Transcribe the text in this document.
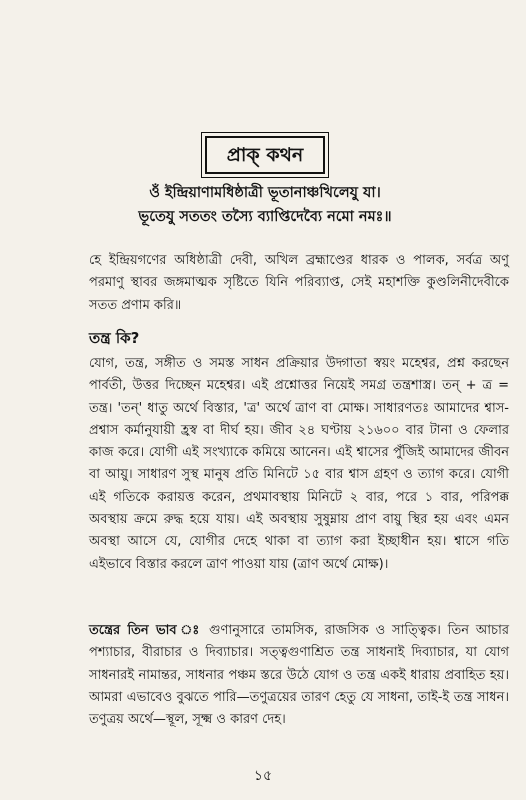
প্রাক্ কথন
ওঁ ইন্দ্রিয়াণামধিষ্ঠাত্রী ভূতানাঞ্চখিলেযু যা।
ভূতেযু সততং তস্যৈ ব্যাপ্তিদেব্যৈ নমো নমঃ॥
হে ইন্দ্রিয়গণের অধিষ্ঠাত্রী দেবী, অখিল ব্রহ্মাণ্ডের ধারক ও পালক, সর্বত্র অণু পরমাণু স্থাবর জঙ্গমাত্মক সৃষ্টিতে যিনি পরিব্যাপ্ত, সেই মহাশক্তি কুণ্ডলিনীদেবীকে সতত প্রণাম করি॥
তন্ত্র কি?
যোগ, তন্ত্র, সঙ্গীত ও সমস্ত সাধন প্রক্রিয়ার উদ্গাতা স্বয়ং মহেশ্বর, প্রশ্ন করছেন পার্বতী, উত্তর দিচ্ছেন মহেশ্বর। এই প্রশ্নোত্তর নিয়েই সমগ্র তন্ত্রশাস্ত্র। তন্ + ত্র = তন্ত্র। 'তন্' ধাতু অর্থে বিস্তার, 'ত্র' অর্থে ত্রাণ বা মোক্ষ। সাধারণতঃ আমাদের শ্বাস-প্রশ্বাস কর্মানুযায়ী হ্রস্ব বা দীর্ঘ হয়। জীব ২৪ ঘণ্টায় ২১৬০০ বার টানা ও ফেলার কাজ করে। যোগী এই সংখ্যাকে কমিয়ে আনেন। এই শ্বাসের পুঁজিই আমাদের জীবন বা আয়ু। সাধারণ সুস্থ মানুষ প্রতি মিনিটে ১৫ বার শ্বাস গ্রহণ ও ত্যাগ করে। যোগী এই গতিকে করায়ত্ত করেন, প্রথমাবস্থায় মিনিটে ২ বার, পরে ১ বার, পরিপক্ক অবস্থায় ক্রমে রুদ্ধ হয়ে যায়। এই অবস্থায় সুষুম্নায় প্রাণ বায়ু স্থির হয় এবং এমন অবস্থা আসে যে, যোগীর দেহে থাকা বা ত্যাগ করা ইচ্ছাধীন হয়। শ্বাসে গতি এইভাবে বিস্তার করলে ত্রাণ পাওয়া যায় (ত্রাণ অর্থে মোক্ষ)।
তন্ত্রের তিন ভাব ঃ গুণানুসারে তামসিক, রাজসিক ও সাত্ত্বিক। তিন আচার পশ্যাচার, বীরাচার ও দিব্যাচার। সত্ত্বগুণাশ্রিত তন্ত্র সাধনাই দিব্যাচার, যা যোগ সাধনারই নামান্তর, সাধনার পঞ্চম স্তরে উঠে যোগ ও তন্ত্র একই ধারায় প্রবাহিত হয়। আমরা এভাবেও বুঝতে পারি—তণুত্রয়ের তারণ হেতু যে সাধনা, তাই-ই তন্ত্র সাধন। তণুত্রয় অর্থে—স্থূল, সূক্ষ্ম ও কারণ দেহ।
১৫
